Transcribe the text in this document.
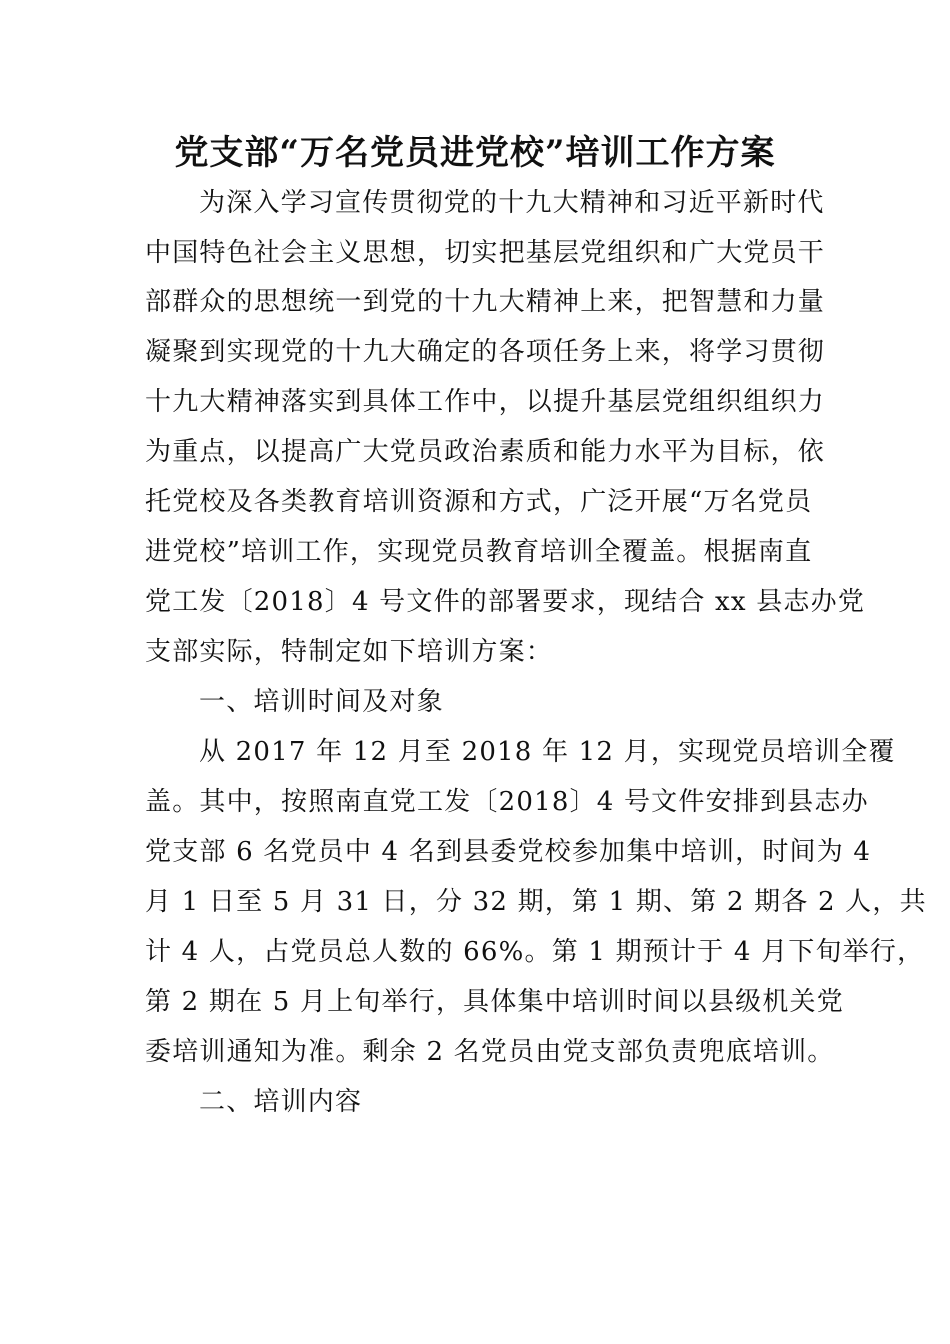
党支部“万名党员进党校”培训工作方案

为深入学习宣传贯彻党的十九大精神和习近平新时代

中国特色社会主义思想，切实把基层党组织和广大党员干

部群众的思想统一到党的十九大精神上来，把智慧和力量

凝聚到实现党的十九大确定的各项任务上来，将学习贯彻

十九大精神落实到具体工作中，以提升基层党组织组织力

为重点，以提高广大党员政治素质和能力水平为目标，依

托党校及各类教育培训资源和方式，广泛开展“万名党员

进党校”培训工作，实现党员教育培训全覆盖。根据南直

党工发〔2018〕4 号文件的部署要求，现结合 xx 县志办党

支部实际，特制定如下培训方案：

一、培训时间及对象

从 2017 年 12 月至 2018 年 12 月，实现党员培训全覆

盖。其中，按照南直党工发〔2018〕4 号文件安排到县志办

党支部 6 名党员中 4 名到县委党校参加集中培训，时间为 4

月 1 日至 5 月 31 日，分 32 期，第 1 期、第 2 期各 2 人，共

计 4 人，占党员总人数的 66%。第 1 期预计于 4 月下旬举行，

第 2 期在 5 月上旬举行，具体集中培训时间以县级机关党

委培训通知为准。剩余 2 名党员由党支部负责兜底培训。

二、培训内容
